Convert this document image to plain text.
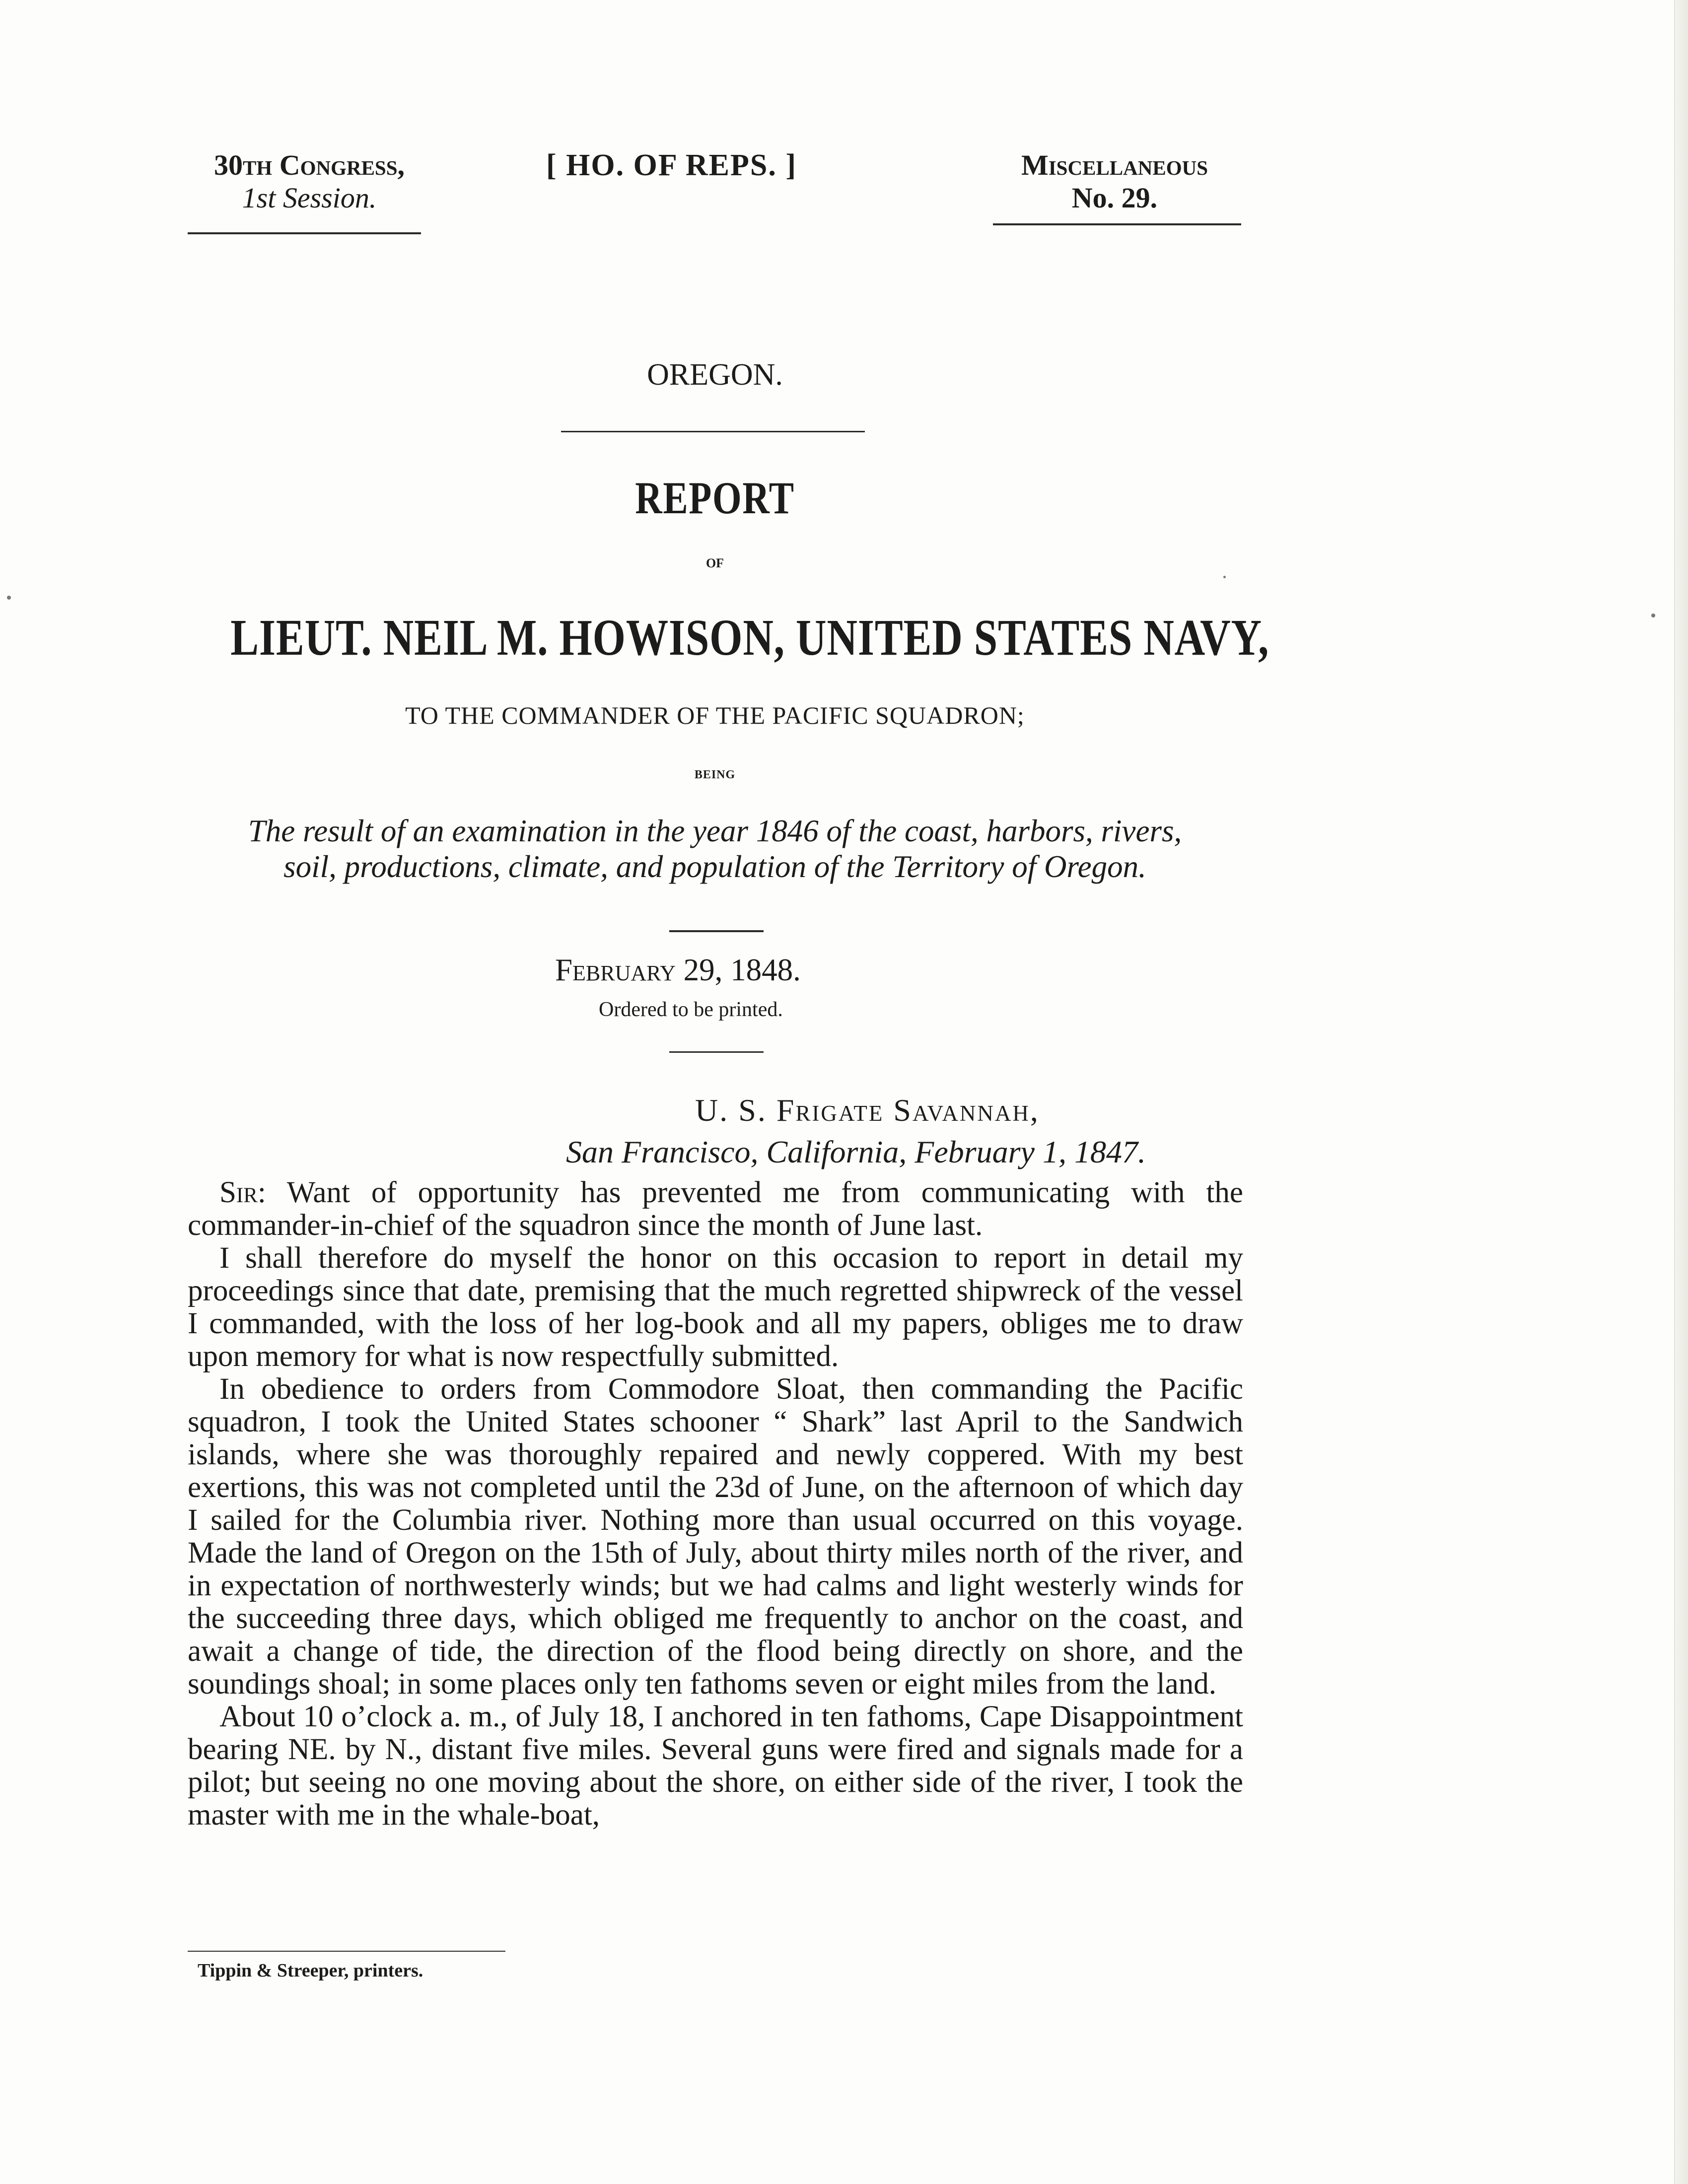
30th Congress,
1st Session.
[ HO. OF REPS. ]	Miscellaneous
No. 29.
OREGON.
REPORT
OF
LIEUT. NEIL M. HOWISON, UNITED STATES NAVY,
TO THE COMMANDER OF THE PACIFIC SQUADRON;
BEING
The result of an examination in the year 1846 of the coast, harbors, rivers,
soil, productions, climate, and population of the Territory of Oregon.
February 29, 1848.
Ordered to be printed.
U. S. Frigate Savannah,
San Francisco, California, February 1, 1847.

Sir: Want of opportunity has prevented me from communicating with the commander-in-chief of the squadron since the month of June last.

I shall therefore do myself the honor on this occasion to report in detail my proceedings since that date, premising that the much regretted shipwreck of the vessel I commanded, with the loss of her log-book and all my papers, obliges me to draw upon memory for what is now respectfully submitted.

In obedience to orders from Commodore Sloat, then commanding the Pacific squadron, I took the United States schooner “ Shark” last April to the Sandwich islands, where she was thoroughly repaired and newly coppered. With my best exertions, this was not completed until the 23d of June, on the afternoon of which day I sailed for the Columbia river. Nothing more than usual occurred on this voyage. Made the land of Oregon on the 15th of July, about thirty miles north of the river, and in expectation of northwesterly winds; but we had calms and light westerly winds for the succeeding three days, which obliged me frequently to anchor on the coast, and await a change of tide, the direction of the flood being directly on shore, and the soundings shoal; in some places only ten fathoms seven or eight miles from the land.

About 10 o’clock a. m., of July 18, I anchored in ten fathoms, Cape Disappointment bearing NE. by N., distant five miles. Several guns were fired and signals made for a pilot; but seeing no one moving about the shore, on either side of the river, I took the master with me in the whale-boat,

Tippin & Streeper, printers.
